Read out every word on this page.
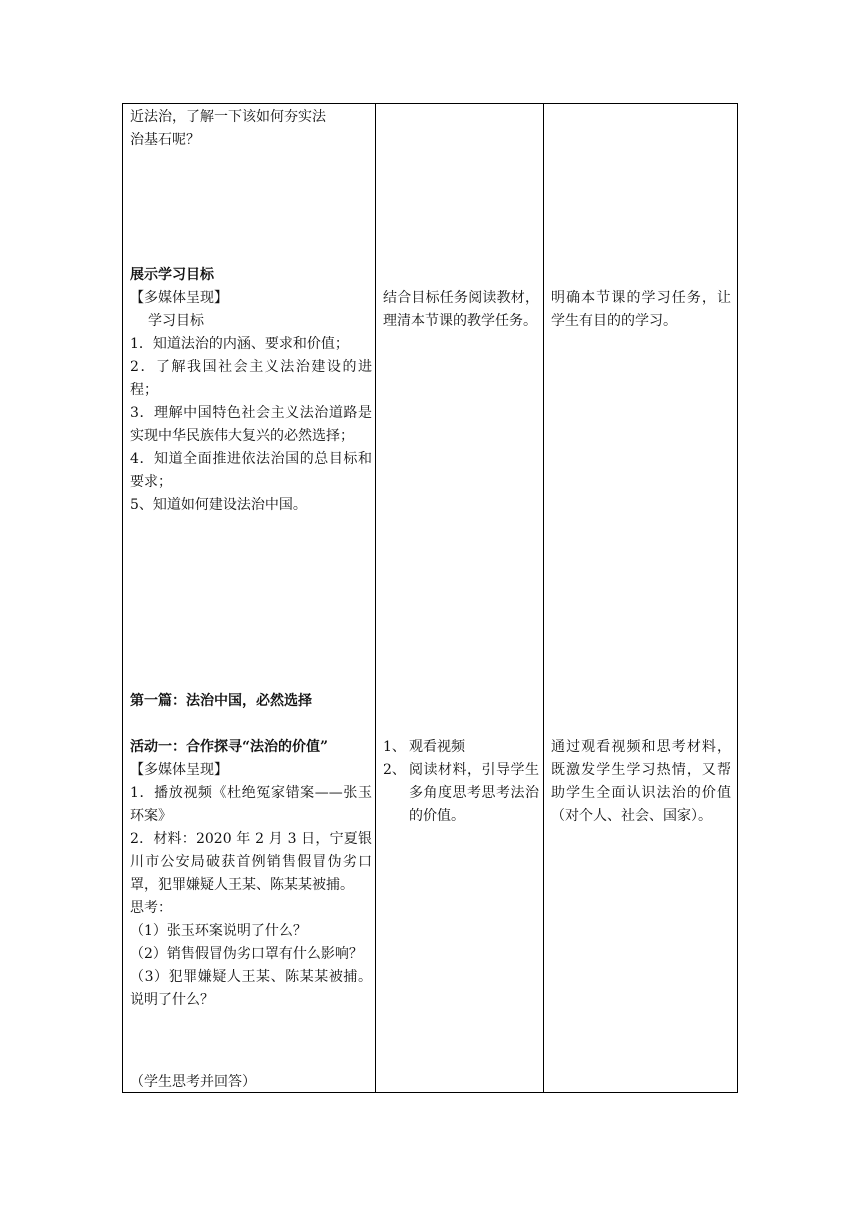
近法治，了解一下该如何夯实法

治基石呢？

展示学习目标

【多媒体呈现】

学习目标

1．知道法治的内涵、要求和价值；

2．了解我国社会主义法治建设的进程；

3．理解中国特色社会主义法治道路是实现中华民族伟大复兴的必然选择；

4．知道全面推进依法治国的总目标和要求；

5、知道如何建设法治中国。

第一篇：法治中国，必然选择

活动一：合作探寻“法治的价值”

【多媒体呈现】

1．播放视频《杜绝冤家错案——张玉环案》

2．材料：2020 年 2 月 3 日，宁夏银川市公安局破获首例销售假冒伪劣口罩，犯罪嫌疑人王某、陈某某被捕。

思考：

（1）张玉环案说明了什么？

（2）销售假冒伪劣口罩有什么影响？

（3）犯罪嫌疑人王某、陈某某被捕。说明了什么？

（学生思考并回答）
结合目标任务阅读教材，理清本节课的教学任务。
1、 观看视频
2、 阅读材料，引导学生多角度思考思考法治的价值。
明确本节课的学习任务，让学生有目的的学习。
通过观看视频和思考材料，既激发学生学习热情，又帮助学生全面认识法治的价值（对个人、社会、国家）。
